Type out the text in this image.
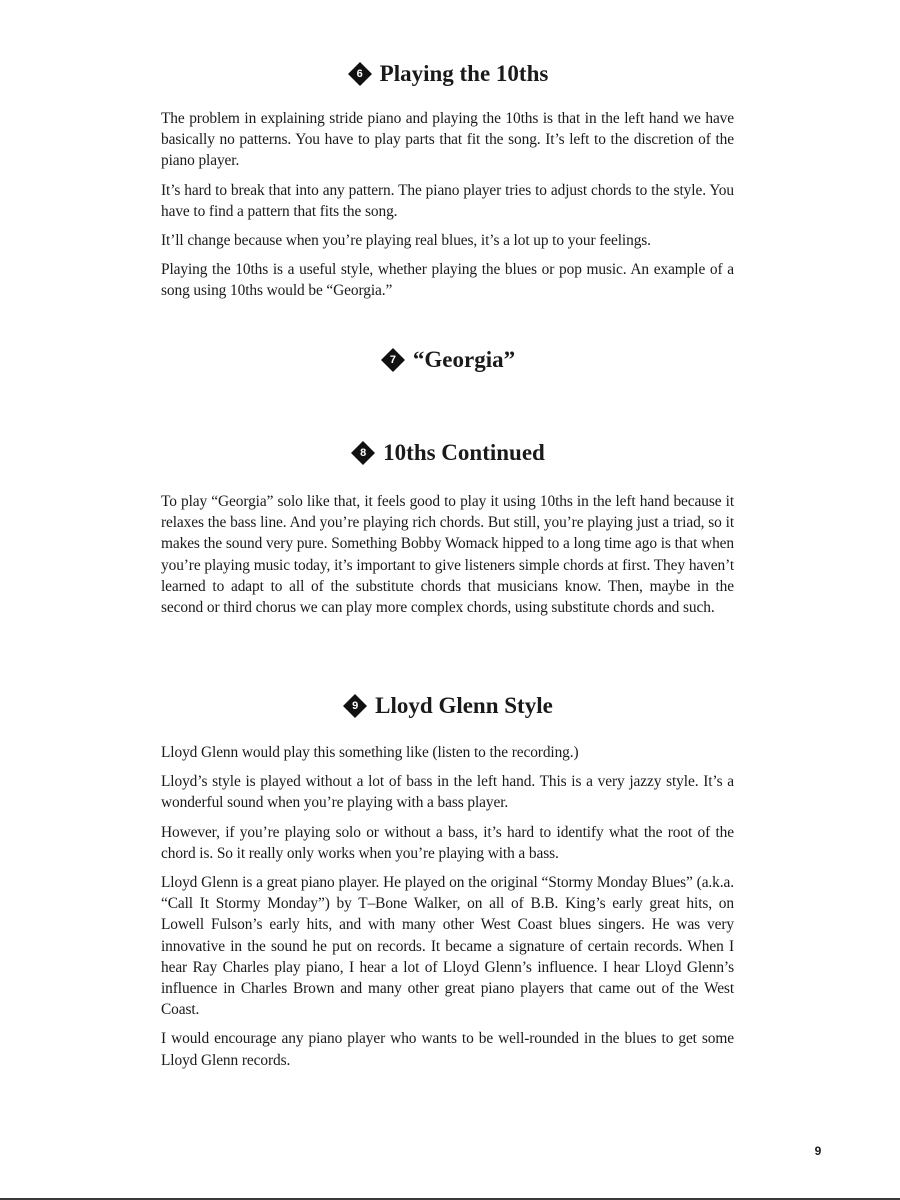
6 Playing the 10ths

The problem in explaining stride piano and playing the 10ths is that in the left hand we have basically no patterns. You have to play parts that fit the song. It’s left to the discretion of the piano player.

It’s hard to break that into any pattern. The piano player tries to adjust chords to the style. You have to find a pattern that fits the song.

It’ll change because when you’re playing real blues, it’s a lot up to your feelings.

Playing the 10ths is a useful style, whether playing the blues or pop music. An example of a song using 10ths would be “Georgia.”

7 “Georgia”
8 10ths Continued

To play “Georgia” solo like that, it feels good to play it using 10ths in the left hand because it relaxes the bass line. And you’re playing rich chords. But still, you’re playing just a triad, so it makes the sound very pure. Something Bobby Womack hipped to a long time ago is that when you’re playing music today, it’s important to give listeners simple chords at first. They haven’t learned to adapt to all of the substitute chords that musicians know. Then, maybe in the second or third chorus we can play more complex chords, using substitute chords and such.

9 Lloyd Glenn Style

Lloyd Glenn would play this something like (listen to the recording.)

Lloyd’s style is played without a lot of bass in the left hand. This is a very jazzy style. It’s a wonderful sound when you’re playing with a bass player.

However, if you’re playing solo or without a bass, it’s hard to identify what the root of the chord is. So it really only works when you’re playing with a bass.

Lloyd Glenn is a great piano player. He played on the original “Stormy Monday Blues” (a.k.a. “Call It Stormy Monday”) by T–Bone Walker, on all of B.B. King’s early great hits, on Lowell Fulson’s early hits, and with many other West Coast blues singers. He was very innovative in the sound he put on records. It became a signature of certain records. When I hear Ray Charles play piano, I hear a lot of Lloyd Glenn’s influence. I hear Lloyd Glenn’s influence in Charles Brown and many other great piano players that came out of the West Coast.

I would encourage any piano player who wants to be well-rounded in the blues to get some Lloyd Glenn records.

9
